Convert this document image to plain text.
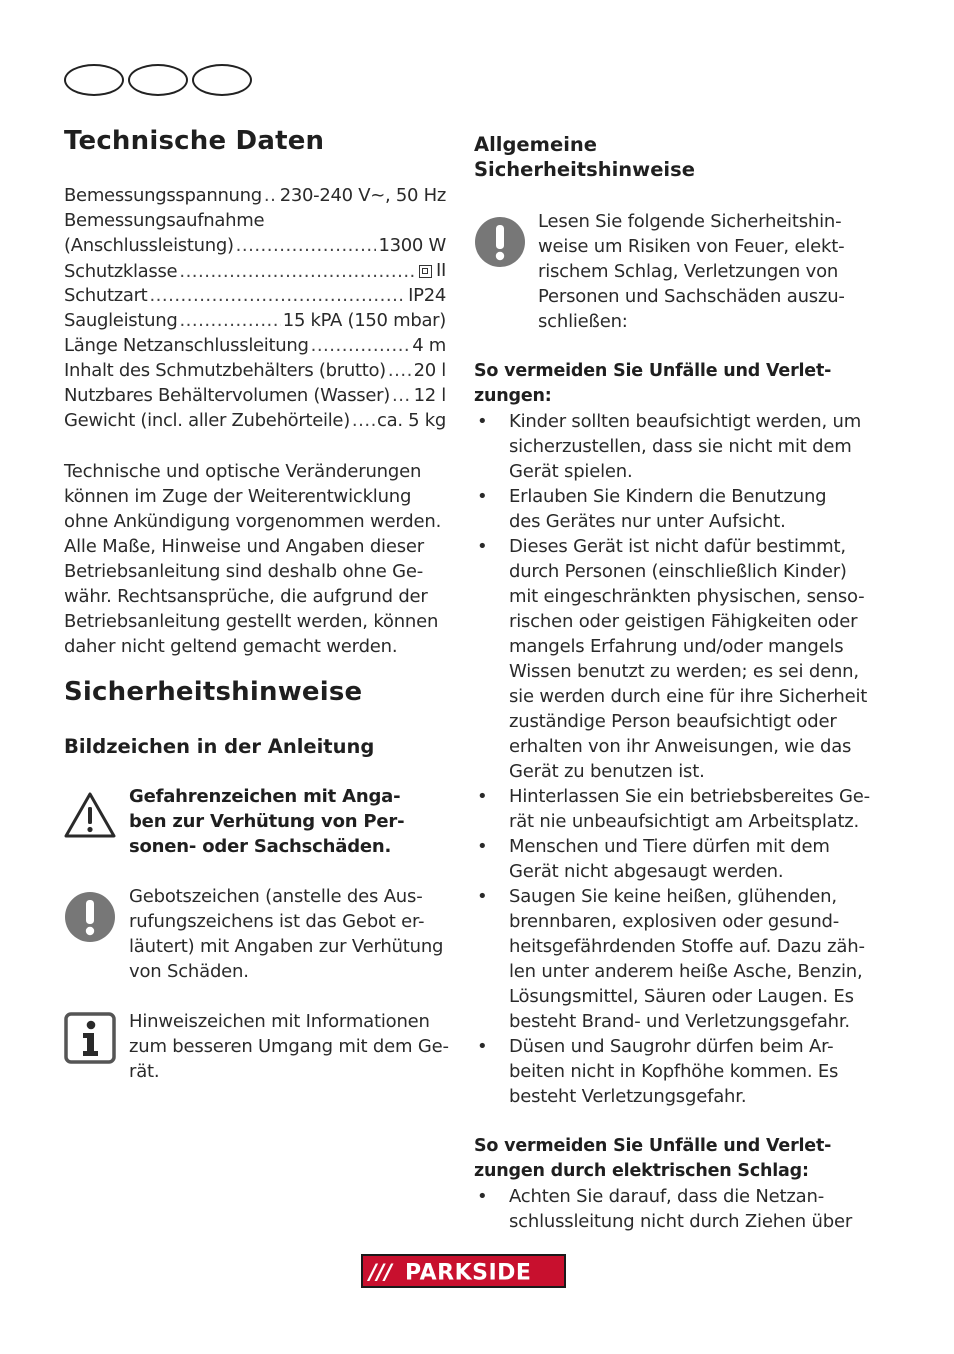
Technische Daten
Bemessungsspannung ..... 230-240 V~, 50 Hz
Bemessungsaufnahme
(Anschlussleistung) .....	1300 W
Schutzklasse .....	II
Schutzart .....	IP24
Saugleistung .....	15 kPA (150 mbar)
Länge Netzanschlussleitung .....	4 m
Inhalt des Schmutzbehälters (brutto) ..... 20 l
Nutzbares Behältervolumen (Wasser) ..... 12 l
Gewicht (incl. aller Zubehörteile) ..... ca. 5 kg
Technische und optische Veränderungen
können im Zuge der Weiterentwicklung
ohne Ankündigung vorgenommen werden.
Alle Maße, Hinweise und Angaben dieser
Betriebsanleitung sind deshalb ohne Ge-
währ. Rechtsansprüche, die aufgrund der
Betriebsanleitung gestellt werden, können
daher nicht geltend gemacht werden.
Sicherheitshinweise
Bildzeichen in der Anleitung
Gefahrenzeichen mit Anga-
ben zur Verhütung von Per-
sonen- oder Sachschäden.
Gebotszeichen (anstelle des Aus-
rufungszeichens ist das Gebot er-
läutert) mit Angaben zur Verhütung
von Schäden.
Hinweiszeichen mit Informationen
zum besseren Umgang mit dem Ge-
rät.
Allgemeine
Sicherheitshinweise
Lesen Sie folgende Sicherheitshin-
weise um Risiken von Feuer, elekt-
rischem Schlag, Verletzungen von
Personen und Sachschäden auszu-
schließen:
So vermeiden Sie Unfälle und Verlet-
zungen:
• Kinder sollten beaufsichtigt werden, um
sicherzustellen, dass sie nicht mit dem
Gerät spielen.
• Erlauben Sie Kindern die Benutzung
des Gerätes nur unter Aufsicht.
• Dieses Gerät ist nicht dafür bestimmt,
durch Personen (einschließlich Kinder)
mit eingeschränkten physischen, senso-
rischen oder geistigen Fähigkeiten oder
mangels Erfahrung und/oder mangels
Wissen benutzt zu werden; es sei denn,
sie werden durch eine für ihre Sicherheit
zuständige Person beaufsichtigt oder
erhalten von ihr Anweisungen, wie das
Gerät zu benutzen ist.
• Hinterlassen Sie ein betriebsbereites Ge-
rät nie unbeaufsichtigt am Arbeitsplatz.
• Menschen und Tiere dürfen mit dem
Gerät nicht abgesaugt werden.
• Saugen Sie keine heißen, glühenden,
brennbaren, explosiven oder gesund-
heitsgefährdenden Stoffe auf. Dazu zäh-
len unter anderem heiße Asche, Benzin,
Lösungsmittel, Säuren oder Laugen. Es
besteht Brand- und Verletzungsgefahr.
• Düsen und Saugrohr dürfen beim Ar-
beiten nicht in Kopfhöhe kommen. Es
besteht Verletzungsgefahr.
So vermeiden Sie Unfälle und Verlet-
zungen durch elektrischen Schlag:
• Achten Sie darauf, dass die Netzan-
schlussleitung nicht durch Ziehen über
/// PARKSIDE
